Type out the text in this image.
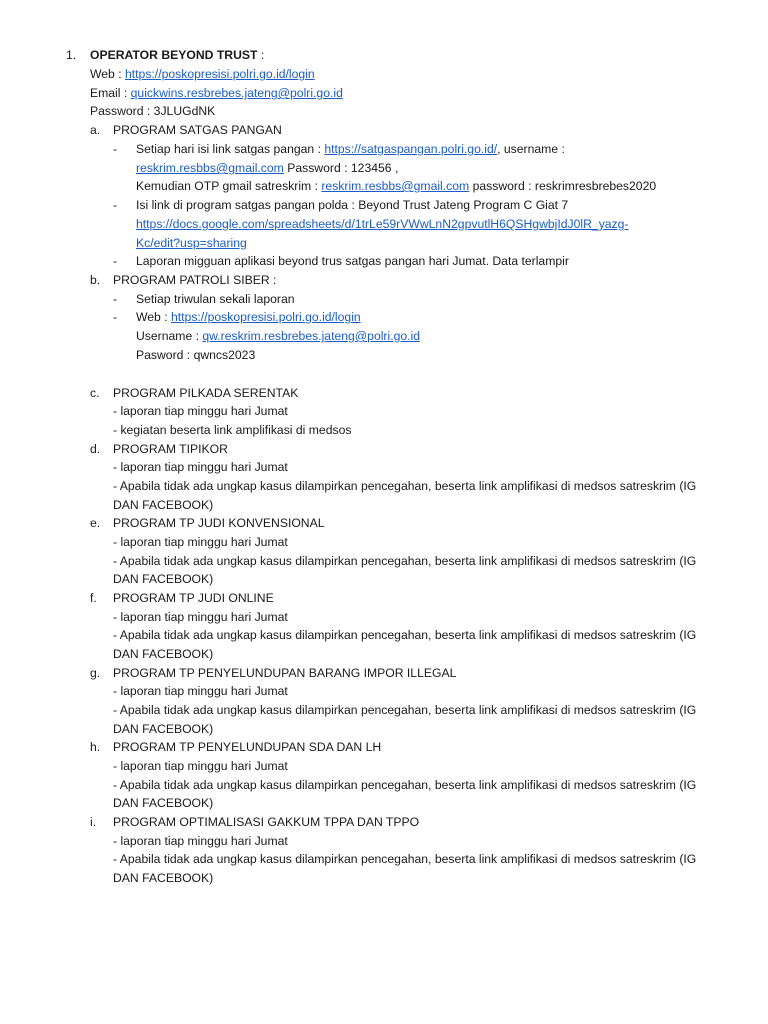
1. OPERATOR BEYOND TRUST :
Web : https://poskopresisi.polri.go.id/login
Email : quickwins.resbrebes.jateng@polri.go.id
Password : 3JLUGdNK
a. PROGRAM SATGAS PANGAN
- Setiap hari isi link satgas pangan : https://satgaspangan.polri.go.id/, username :
reskrim.resbbs@gmail.com Password : 123456 ,
Kemudian OTP gmail satreskrim : reskrim.resbbs@gmail.com password : reskrimresbrebes2020
- Isi link di program satgas pangan polda : Beyond Trust Jateng Program C Giat 7
https://docs.google.com/spreadsheets/d/1trLe59rVWwLnN2gpvutlH6QSHgwbjIdJ0lR_yazg-
Kc/edit?usp=sharing
- Laporan migguan aplikasi beyond trus satgas pangan hari Jumat. Data terlampir
b. PROGRAM PATROLI SIBER :
- Setiap triwulan sekali laporan
- Web : https://poskopresisi.polri.go.id/login
Username : qw.reskrim.resbrebes.jateng@polri.go.id
Pasword : qwncs2023
c. PROGRAM PILKADA SERENTAK
- laporan tiap minggu hari Jumat
- kegiatan beserta link amplifikasi di medsos
d. PROGRAM TIPIKOR
- laporan tiap minggu hari Jumat
- Apabila tidak ada ungkap kasus dilampirkan pencegahan, beserta link amplifikasi di medsos satreskrim (IG
DAN FACEBOOK)
e. PROGRAM TP JUDI KONVENSIONAL
- laporan tiap minggu hari Jumat
- Apabila tidak ada ungkap kasus dilampirkan pencegahan, beserta link amplifikasi di medsos satreskrim (IG
DAN FACEBOOK)
f. PROGRAM TP JUDI ONLINE
- laporan tiap minggu hari Jumat
- Apabila tidak ada ungkap kasus dilampirkan pencegahan, beserta link amplifikasi di medsos satreskrim (IG
DAN FACEBOOK)
g. PROGRAM TP PENYELUNDUPAN BARANG IMPOR ILLEGAL
- laporan tiap minggu hari Jumat
- Apabila tidak ada ungkap kasus dilampirkan pencegahan, beserta link amplifikasi di medsos satreskrim (IG
DAN FACEBOOK)
h. PROGRAM TP PENYELUNDUPAN SDA DAN LH
- laporan tiap minggu hari Jumat
- Apabila tidak ada ungkap kasus dilampirkan pencegahan, beserta link amplifikasi di medsos satreskrim (IG
DAN FACEBOOK)
i. PROGRAM OPTIMALISASI GAKKUM TPPA DAN TPPO
- laporan tiap minggu hari Jumat
- Apabila tidak ada ungkap kasus dilampirkan pencegahan, beserta link amplifikasi di medsos satreskrim (IG
DAN FACEBOOK)
